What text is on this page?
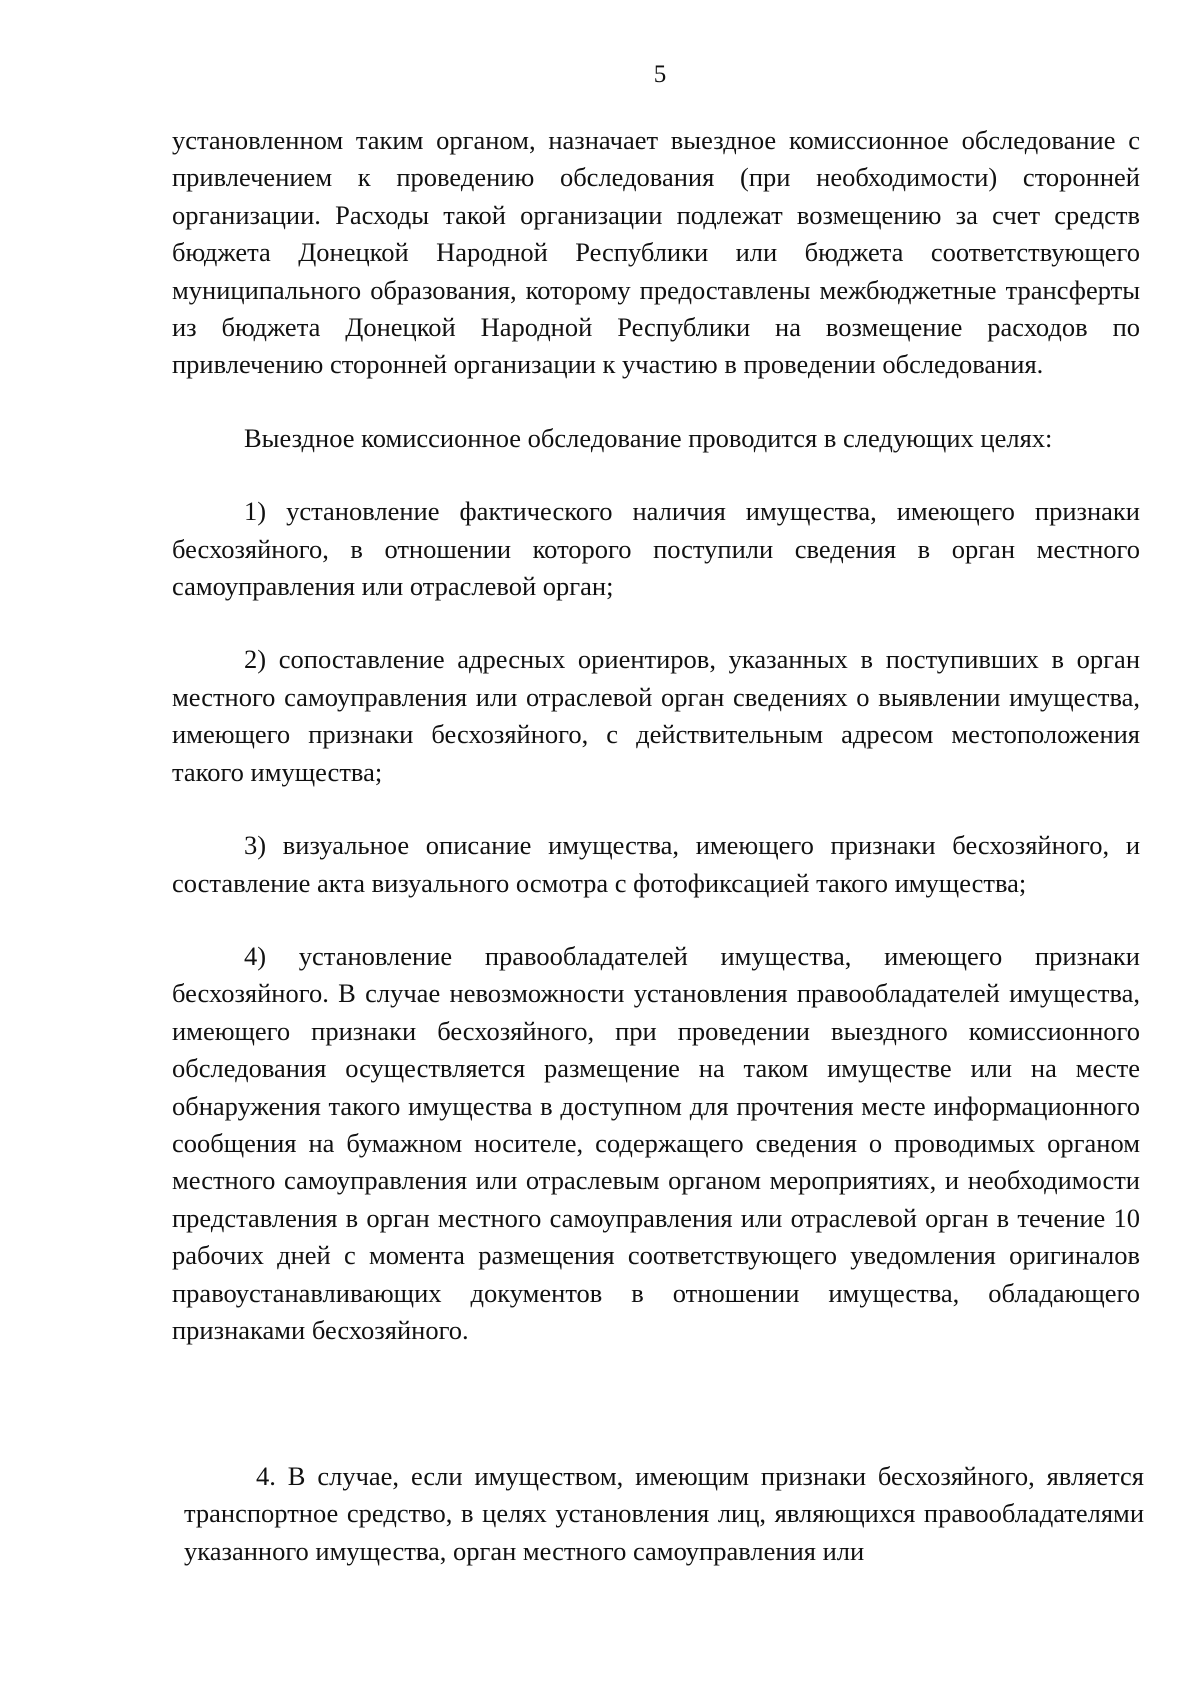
5

установленном таким органом, назначает выездное комиссионное обследование с привлечением к проведению обследования (при необходимости) сторонней организации. Расходы такой организации подлежат возмещению за счет средств бюджета Донецкой Народной Республики или бюджета соответствующего муниципального образования, которому предоставлены межбюджетные трансферты из бюджета Донецкой Народной Республики на возмещение расходов по привлечению сторонней организации к участию в проведении обследования.

Выездное комиссионное обследование проводится в следующих целях:

1) установление фактического наличия имущества, имеющего признаки бесхозяйного, в отношении которого поступили сведения в орган местного самоуправления или отраслевой орган;

2) сопоставление адресных ориентиров, указанных в поступивших в орган местного самоуправления или отраслевой орган сведениях о выявлении имущества, имеющего признаки бесхозяйного, с действительным адресом местоположения такого имущества;

3) визуальное описание имущества, имеющего признаки бесхозяйного, и составление акта визуального осмотра с фотофиксацией такого имущества;

4) установление правообладателей имущества, имеющего признаки бесхозяйного. В случае невозможности установления правообладателей имущества, имеющего признаки бесхозяйного, при проведении выездного комиссионного обследования осуществляется размещение на таком имуществе или на месте обнаружения такого имущества в доступном для прочтения месте информационного сообщения на бумажном носителе, содержащего сведения о проводимых органом местного самоуправления или отраслевым органом мероприятиях, и необходимости представления в орган местного самоуправления или отраслевой орган в течение 10 рабочих дней с момента размещения соответствующего уведомления оригиналов правоустанавливающих документов в отношении имущества, обладающего признаками бесхозяйного.

4. В случае, если имуществом, имеющим признаки бесхозяйного, является транспортное средство, в целях установления лиц, являющихся правообладателями указанного имущества, орган местного самоуправления или
